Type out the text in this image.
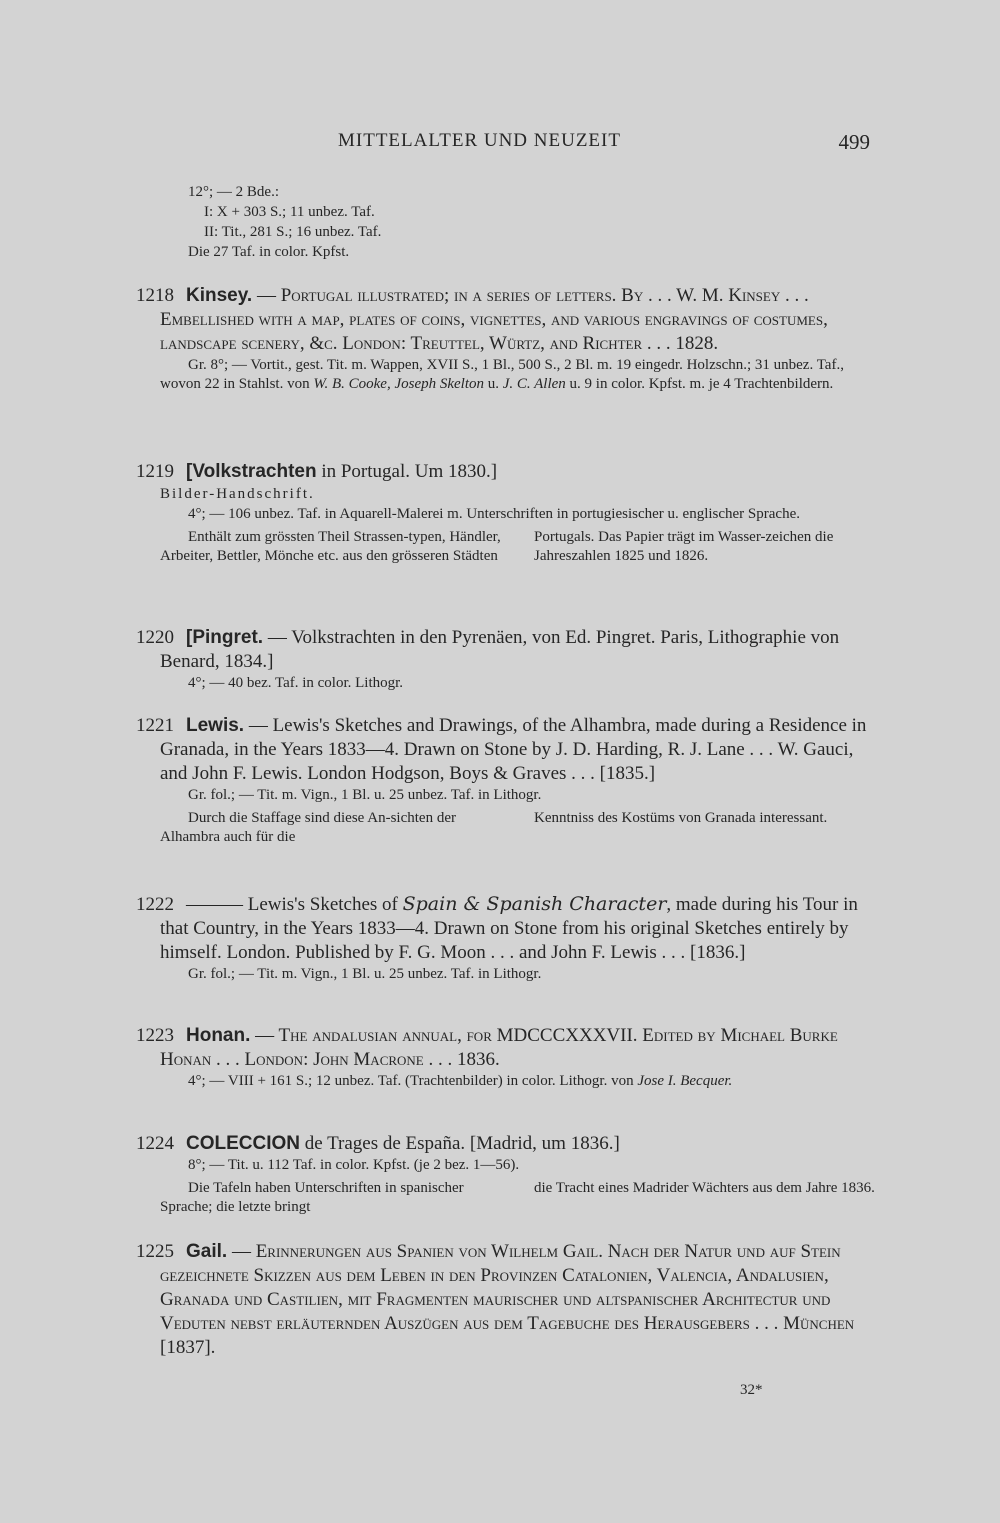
MITTELALTER UND NEUZEIT	499
12°; — 2 Bde.:
I: X + 303 S.; 11 unbez. Taf.
II: Tit., 281 S.; 16 unbez. Taf.
Die 27 Taf. in color. Kpfst.
1218 Kinsey. — Portugal illustrated; in a series of letters. By . . . W. M. Kinsey . . . Embellished with a map, plates of coins, vignettes, and various engravings of costumes, landscape scenery, &c. London: Treuttel, Würtz, and Richter . . . 1828.
Gr. 8°; — Vortit., gest. Tit. m. Wappen, XVII S., 1 Bl., 500 S., 2 Bl. m. 19 eingedr. Holzschn.; 31 unbez. Taf., wovon 22 in Stahlst. von W. B. Cooke, Joseph Skelton u. J. C. Allen u. 9 in color. Kpfst. m. je 4 Trachtenbildern.
1219 [Volkstrachten in Portugal. Um 1830.]
Bilder-Handschrift.
4°; — 106 unbez. Taf. in Aquarell-Malerei m. Unterschriften in portugiesischer u. englischer Sprache.
Enthält zum grössten Theil Strassen-typen, Händler, Arbeiter, Bettler, Mönche etc. aus den grösseren Städten
Portugals. Das Papier trägt im Wasser-zeichen die Jahreszahlen 1825 und 1826.
1220 [Pingret. — Volkstrachten in den Pyrenäen, von Ed. Pingret. Paris, Lithographie von Benard, 1834.]
4°; — 40 bez. Taf. in color. Lithogr.
1221 Lewis. — Lewis's Sketches and Drawings, of the Alhambra, made during a Residence in Granada, in the Years 1833—4. Drawn on Stone by J. D. Harding, R. J. Lane . . . W. Gauci, and John F. Lewis. London Hodgson, Boys & Graves . . . [1835.]
Gr. fol.; — Tit. m. Vign., 1 Bl. u. 25 unbez. Taf. in Lithogr.
Durch die Staffage sind diese An-sichten der Alhambra auch für die
Kenntniss des Kostüms von Granada interessant.
1222 ——— Lewis's Sketches of Spain & Spanish Character, made during his Tour in that Country, in the Years 1833—4. Drawn on Stone from his original Sketches entirely by himself. London. Published by F. G. Moon . . . and John F. Lewis . . . [1836.]
Gr. fol.; — Tit. m. Vign., 1 Bl. u. 25 unbez. Taf. in Lithogr.
1223 Honan. — The andalusian annual, for MDCCCXXXVII. Edited by Michael Burke Honan . . . London: John Macrone . . . 1836.
4°; — VIII + 161 S.; 12 unbez. Taf. (Trachtenbilder) in color. Lithogr. von Jose I. Becquer.
1224 COLECCION de Trages de España. [Madrid, um 1836.]
8°; — Tit. u. 112 Taf. in color. Kpfst. (je 2 bez. 1—56).
Die Tafeln haben Unterschriften in spanischer Sprache; die letzte bringt
die Tracht eines Madrider Wächters aus dem Jahre 1836.
1225 Gail. — Erinnerungen aus Spanien von Wilhelm Gail. Nach der Natur und auf Stein gezeichnete Skizzen aus dem Leben in den Provinzen Catalonien, Valencia, Andalusien, Granada und Castilien, mit Fragmenten maurischer und altspanischer Architectur und Veduten nebst erläuternden Auszügen aus dem Tagebuche des Herausgebers . . . München [1837].
32*
